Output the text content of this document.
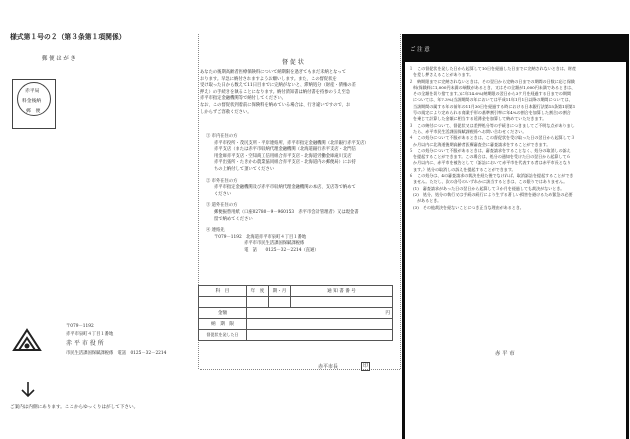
様式第１号の２（第３条第１項関係）
郵 便 は が き
赤平局
料金後納
郵　便
〒079－1192
赤平市泉町４丁目１番地
赤 平 市 役 所
市民生活課国保賦課税係　電話　0125－32－2214
ご案内は内側にあります。ここからゆっくりはがして下さい。
督 促 状
あなたの後期高齢者医療保険料について納期限を過ぎてもまだ未納となって
おります。早急に納付されますようお願いします。また、この督促状を
受け取った日から数えて11日目までに完納がないと、滞納処分（財産・債権の差
押え）の手続きを執ることになります。納付済知書は納付書を持参のうえ至急
赤平市指定金融機関等で納付してください。
なお、この督促状到着前に保険料を納めている場合は、行き違いですので、お
しからずご容赦ください。
① 市内在住の方
赤平市役所・茂尻支所・平岸連絡所、赤平市指定金融機関（北洋銀行赤平支店）
赤平支店（または赤平市収納代理金融機関（北海道銀行赤平支店・北門信
用金庫赤平支店・空知商工信用組合赤平支店・北海道労働金庫滝川支店
赤平出張所・たきかわ農業協同組合赤平支店・北海道内の郵便局）にお持
ちの上納付して頂いてください
② 市外在住の方
赤平市指定金融機関及び赤平市収納代理金融機関の本店、支店等で納めて
ください
③ 道外在住の方
郵便振替用紙（口座02780－9－960153　赤平市会計管理者）又は現金書
留で納めてください
④ 連絡先
〒079－1192　北海道赤平市泉町４丁目１番地
　　　　　　　赤平市市民生活課国保賦課税係
　　　　　　　電　話　　0125－32－2214（直通）
科　目	年　度	期・月	通 知 書 番 号

金額	円		
納　期　限			
督促状を発した日			
赤平市長	印
ご 注 意
１　この督促状を発した日から起算して10日を経過した日までに完納されないときは、財産
　を差し押さえることがあります。
２　納期限までに完納されないときは、その翌日から完納の日までの期間の日数に応じ保険
　料(保険料に1,000円未満の端数があるとき、又はその全額が1,000円未満であるときは、
　その全額を切り捨てます。)に年14.6%(納期限の翌日から3ケ月を経過する日までの期間
　については、年7.3%(当該期間の年においては平成11年1月1日以降の期間については、
　当該期間の属する年の前年の11月30日を経過する時における日本銀行法第15条第1項第1
　号の規定により定められる商業手形の基準割引率に年4%の割合を加算した割合)の割合
　を乗じて計算した金額に相当する延滞金を加算して納めていただきます。
３　この納付について、督促状又は差押処分等の手続きにつきましてご不明な点がありまし
　たら、赤平市民生活課国保賦課税係へお問い合わせください。
４　この処分について不服があるときは、この督促状を受け取った日の翌日から起算して３
　か月以内に北海道後期高齢者医療審査会に審査請求をすることができます。
５　この処分について不服があるときは、審査請求をすることなく、処分の取消しの訴え
　を提起することができます。この場合は、処分の通知を受けた日の翌日から起算して６
　か月以内に、赤平市を被告として（訴訟において赤平市を代表する者は赤平市長となり
　ます。）処分の取消しの訴えを提起することができます。
６　この処分は、4の審査請求の裁決を経た後でなければ、取消訴訟を提起することができ
　ません。ただし、次の各号のいずれかに該当するときは、この限りではありません。
　(1)　審査請求があった日の翌日から起算して３か月を経過しても裁決がないとき。
　(2)　処分、処分の執行又は手続の続行により生ずる著しい損害を避けるため緊急の必要
　　があるとき。
　(3)　その他裁決を経ないことにつき正当な理由があるとき。
赤 平 市
